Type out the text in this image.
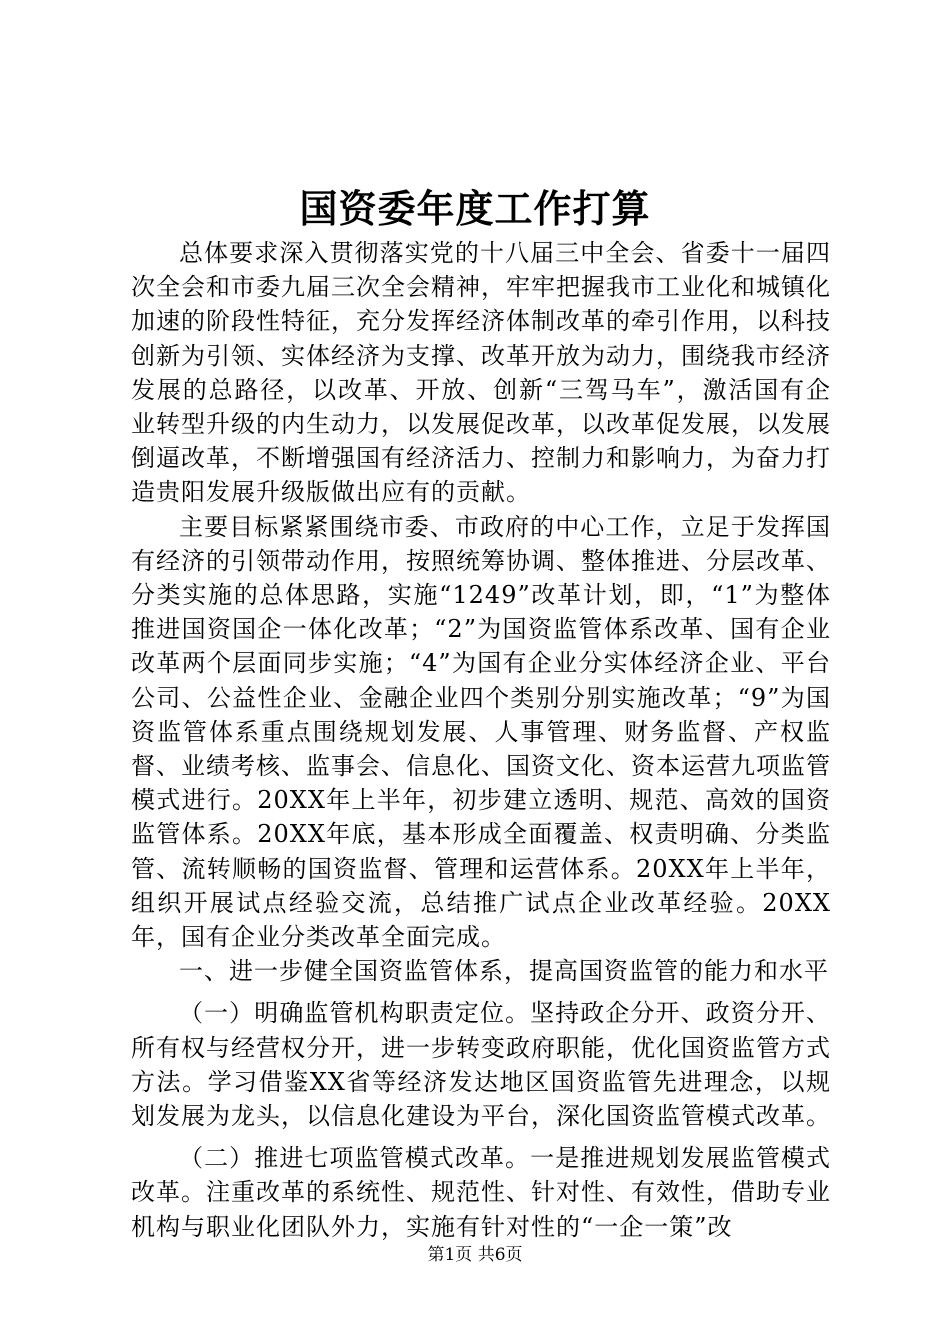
国资委年度工作打算

总体要求深入贯彻落实党的十八届三中全会、省委十一届四次全会和市委九届三次全会精神，牢牢把握我市工业化和城镇化加速的阶段性特征，充分发挥经济体制改革的牵引作用，以科技创新为引领、实体经济为支撑、改革开放为动力，围绕我市经济发展的总路径，以改革、开放、创新“三驾马车”，激活国有企业转型升级的内生动力，以发展促改革，以改革促发展，以发展倒逼改革，不断增强国有经济活力、控制力和影响力，为奋力打造贵阳发展升级版做出应有的贡献。

主要目标紧紧围绕市委、市政府的中心工作，立足于发挥国有经济的引领带动作用，按照统筹协调、整体推进、分层改革、分类实施的总体思路，实施“1249”改革计划，即，“1”为整体推进国资国企一体化改革；“2”为国资监管体系改革、国有企业改革两个层面同步实施；“4”为国有企业分实体经济企业、平台公司、公益性企业、金融企业四个类别分别实施改革；“9”为国资监管体系重点围绕规划发展、人事管理、财务监督、产权监督、业绩考核、监事会、信息化、国资文化、资本运营九项监管模式进行。20XX年上半年，初步建立透明、规范、高效的国资监管体系。20XX年底，基本形成全面覆盖、权责明确、分类监管、流转顺畅的国资监督、管理和运营体系。20XX年上半年，组织开展试点经验交流，总结推广试点企业改革经验。20XX年，国有企业分类改革全面完成。

一、进一步健全国资监管体系，提高国资监管的能力和水平

（一）明确监管机构职责定位。坚持政企分开、政资分开、所有权与经营权分开，进一步转变政府职能，优化国资监管方式方法。学习借鉴XX省等经济发达地区国资监管先进理念，以规划发展为龙头，以信息化建设为平台，深化国资监管模式改革。

（二）推进七项监管模式改革。一是推进规划发展监管模式改革。注重改革的系统性、规范性、针对性、有效性，借助专业机构与职业化团队外力，实施有针对性的“一企一策”改

第1页 共6页
